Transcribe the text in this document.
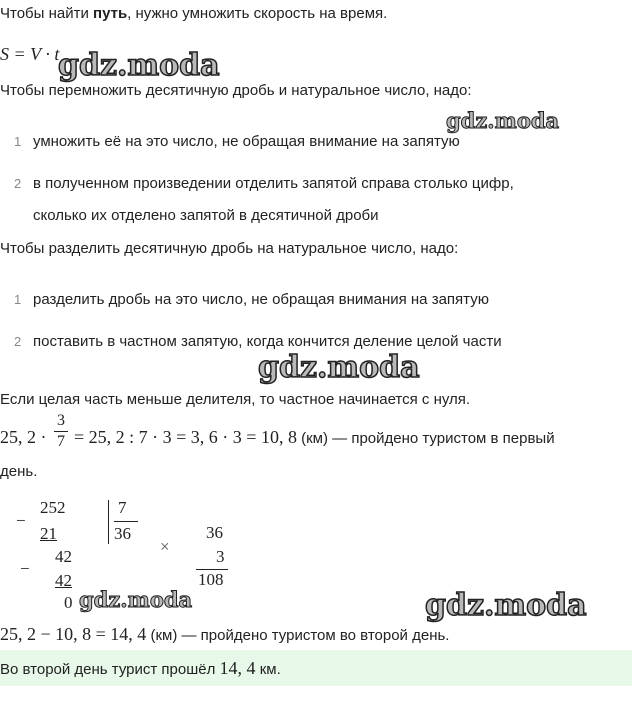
Чтобы найти путь, нужно умножить скорость на время.
S = V · t
gdz.moda
Чтобы перемножить десятичную дробь и натуральное число, надо:
gdz.moda
1 умножить её на это число, не обращая внимание на запятую
2 в полученном произведении отделить запятой справа столько цифр,
сколько их отделено запятой в десятичной дроби
Чтобы разделить десятичную дробь на натуральное число, надо:
1 разделить дробь на это число, не обращая внимания на запятую
2 поставить в частном запятую, когда кончится деление целой части
gdz.moda
Если целая часть меньше делителя, то частное начинается с нуля.
25, 2 ·
3
7 = 25, 2 : 7 · 3 = 3, 6 · 3 = 10, 8 (км) — пройдено туристом в первый
день.
−
252
21
7
36
−
42
42
0 gdz.moda
×
36
3
108
gdz.moda
25, 2 − 10, 8 = 14, 4 (км) — пройдено туристом во второй день.
Во второй день турист прошёл 14, 4 км.
